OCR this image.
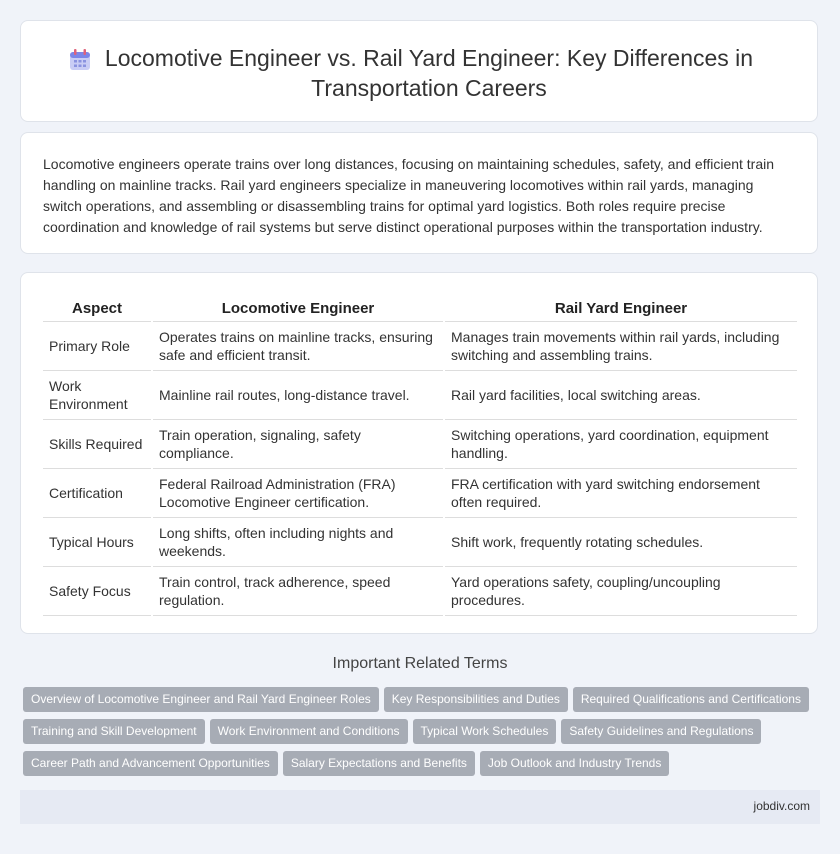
Locomotive Engineer vs. Rail Yard Engineer: Key Differences in Transportation Careers

Locomotive engineers operate trains over long distances, focusing on maintaining schedules, safety, and efficient train handling on mainline tracks. Rail yard engineers specialize in maneuvering locomotives within rail yards, managing switch operations, and assembling or disassembling trains for optimal yard logistics. Both roles require precise coordination and knowledge of rail systems but serve distinct operational purposes within the transportation industry.

Aspect	Locomotive Engineer	Rail Yard Engineer
Primary Role	Operates trains on mainline tracks, ensuring safe and efficient transit.	Manages train movements within rail yards, including switching and assembling trains.
Work Environment	Mainline rail routes, long-distance travel.	Rail yard facilities, local switching areas.
Skills Required	Train operation, signaling, safety compliance.	Switching operations, yard coordination, equipment handling.
Certification	Federal Railroad Administration (FRA) Locomotive Engineer certification.	FRA certification with yard switching endorsement often required.
Typical Hours	Long shifts, often including nights and weekends.	Shift work, frequently rotating schedules.
Safety Focus	Train control, track adherence, speed regulation.	Yard operations safety, coupling/uncoupling procedures.
Important Related Terms
Overview of Locomotive Engineer and Rail Yard Engineer Roles Key Responsibilities and Duties Required Qualifications and Certifications
Training and Skill Development Work Environment and Conditions Typical Work Schedules Safety Guidelines and Regulations
Career Path and Advancement Opportunities Salary Expectations and Benefits Job Outlook and Industry Trends
jobdiv.com
